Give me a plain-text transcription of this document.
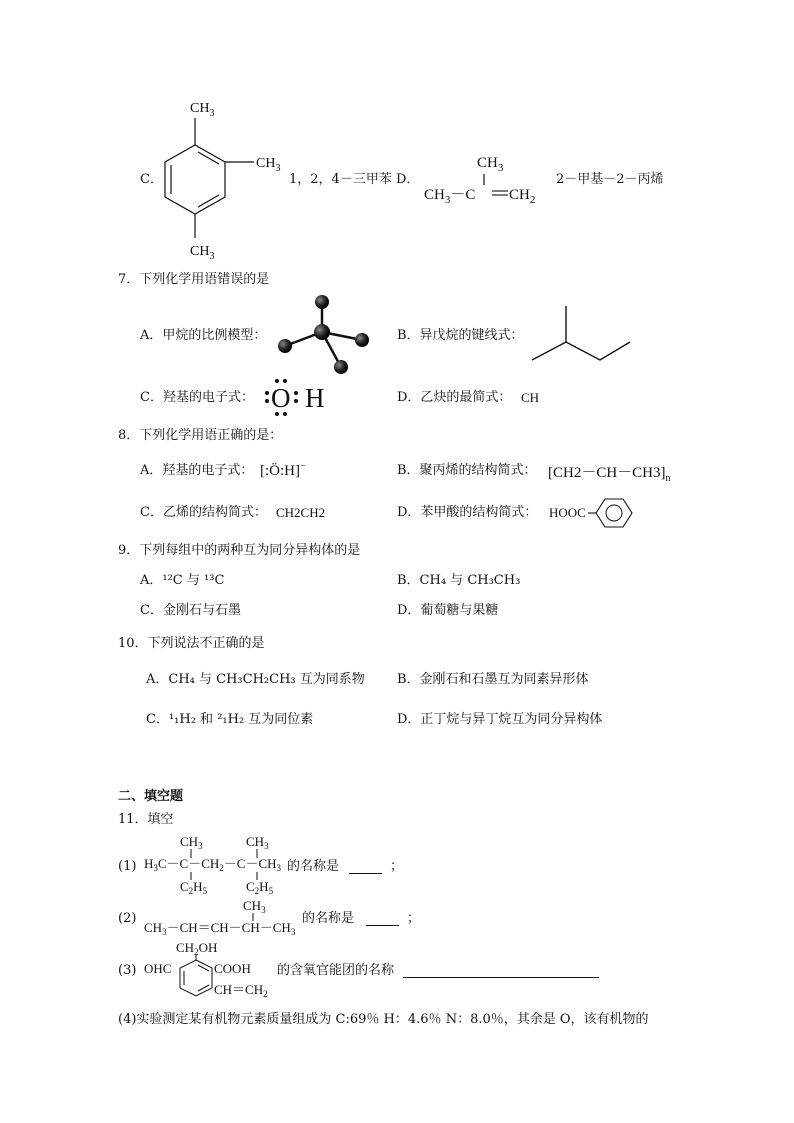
C．
$CH_3$
$CH_3$
$CH_3$
1，2，4－三甲苯 D．
$CH_3$
$CH_3-C$ $CH_2$
2－甲基－2－丙烯
7．下列化学用语错误的是
A．甲烷的比例模型：	B．异戊烷的键线式：
C．羟基的电子式： O H	D．乙炔的最简式： CH
8．下列化学用语正确的是：
A．羟基的电子式： [:Ö:H]−	B．聚丙烯的结构简式： $[CH2-CH-CH3]_n$
C．乙烯的结构简式： CH2CH2	D．苯甲酸的结构简式： HOOC
9．下列每组中的两种互为同分异构体的是
A．¹²C 与 ¹³C	B．CH₄ 与 CH₃CH₃
C．金刚石与石墨	D．葡萄糖与果糖
10．下列说法不正确的是
A．CH₄ 与 CH₃CH₂CH₃ 互为同系物 B．金刚石和石墨互为同素异形体
C．¹₁H₂ 和 ²₁H₂ 互为同位素	D．正丁烷与异丁烷互为同分异构体
二、填空题
11．填空
(1)
$CH_3$	$CH_3$
$H_3C-C-CH_2-C-CH_3$
$C_2H_5$	$C_2H_5$
的名称是	；
(2)
$CH_3$
$CH_3-CH=CH-CH-CH_3$
的名称是	；
(3)
$CH_2OH$
OHC	COOH
$CH=CH_2$
的含氧官能团的名称
(4)实验测定某有机物元素质量组成为 C:69％ H：4.6％ N：8.0％，其余是 O，该有机物的
